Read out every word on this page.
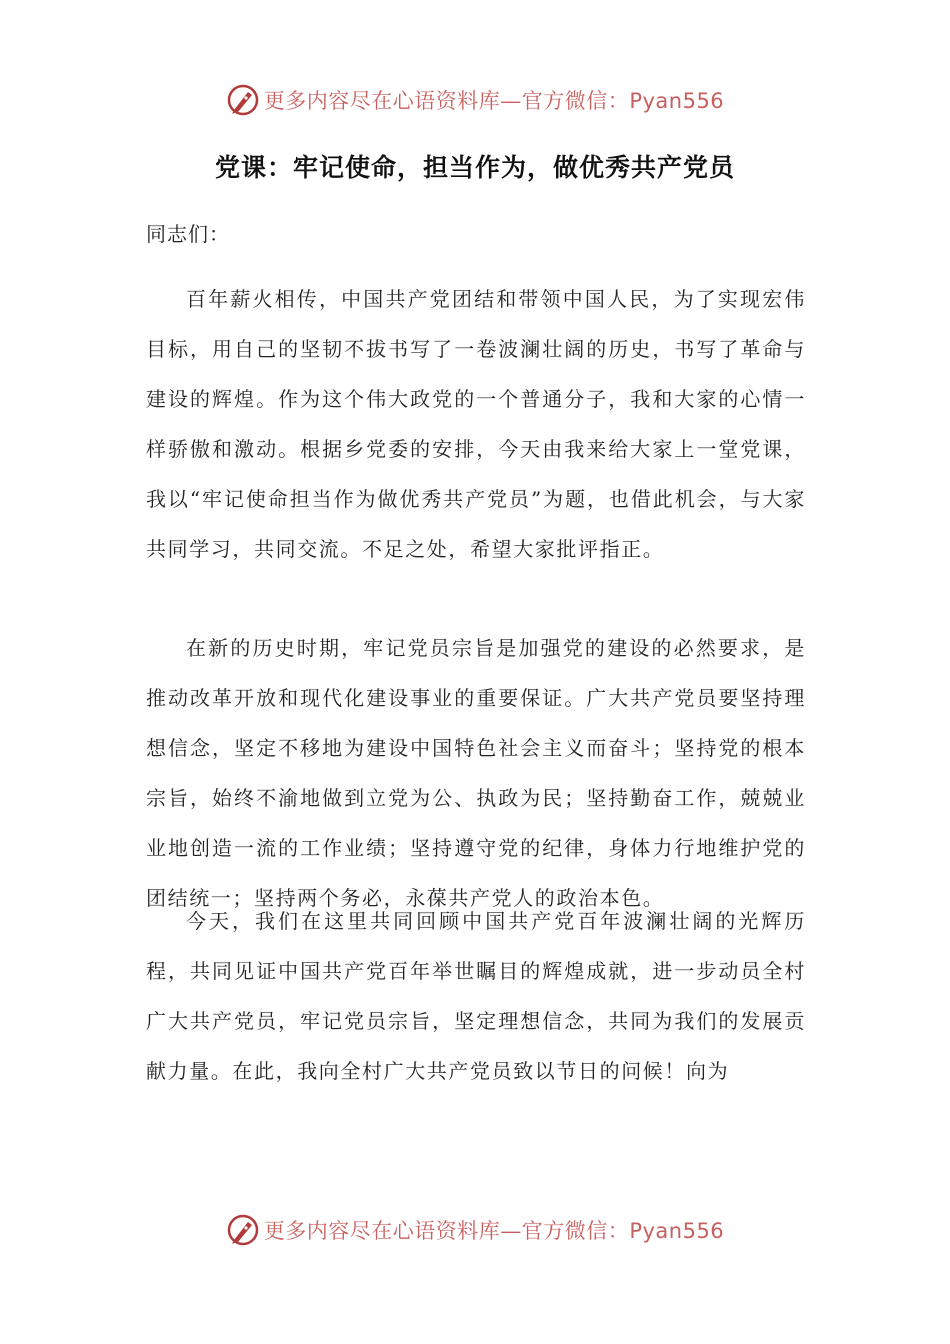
更多内容尽在心语资料库—官方微信：Pyan556
党课：牢记使命，担当作为，做优秀共产党员
同志们：

百年薪火相传，中国共产党团结和带领中国人民，为了实现宏伟目标，用自己的坚韧不拔书写了一卷波澜壮阔的历史，书写了革命与建设的辉煌。作为这个伟大政党的一个普通分子，我和大家的心情一样骄傲和激动。根据乡党委的安排，今天由我来给大家上一堂党课，我以“牢记使命担当作为做优秀共产党员”为题，也借此机会，与大家共同学习，共同交流。不足之处，希望大家批评指正。

在新的历史时期，牢记党员宗旨是加强党的建设的必然要求，是推动改革开放和现代化建设事业的重要保证。广大共产党员要坚持理想信念，坚定不移地为建设中国特色社会主义而奋斗；坚持党的根本宗旨，始终不渝地做到立党为公、执政为民；坚持勤奋工作，兢兢业业地创造一流的工作业绩；坚持遵守党的纪律，身体力行地维护党的团结统一；坚持两个务必，永葆共产党人的政治本色。

今天，我们在这里共同回顾中国共产党百年波澜壮阔的光辉历程，共同见证中国共产党百年举世瞩目的辉煌成就，进一步动员全村广大共产党员，牢记党员宗旨，坚定理想信念，共同为我们的发展贡献力量。在此，我向全村广大共产党员致以节日的问候！向为

更多内容尽在心语资料库—官方微信：Pyan556
